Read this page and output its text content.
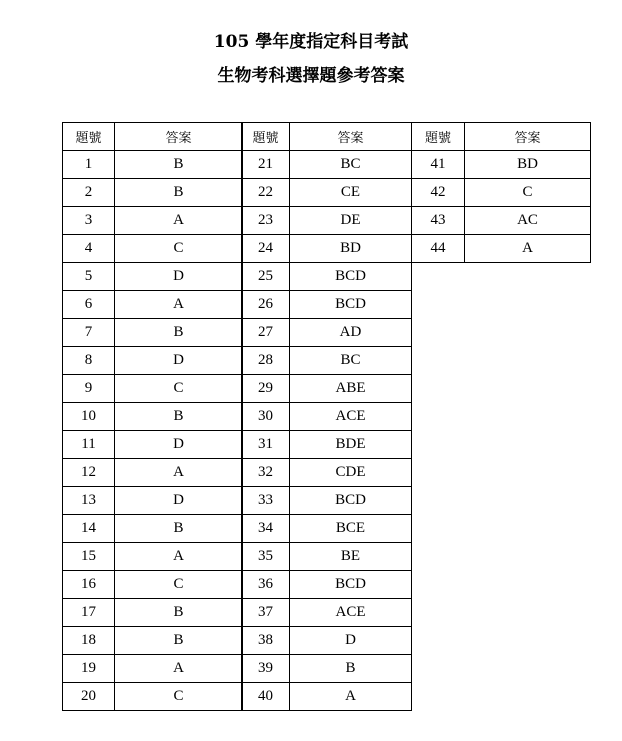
105 學年度指定科目考試
生物考科選擇題參考答案
題號	答案
1	B
2	B
3	A
4	C
5	D
6	A
7	B
8	D
9	C
10	B
11	D
12	A
13	D
14	B
15	A
16	C
17	B
18	B
19	A
20	C
題號	答案
21	BC
22	CE
23	DE
24	BD
25	BCD
26	BCD
27	AD
28	BC
29	ABE
30	ACE
31	BDE
32	CDE
33	BCD
34	BCE
35	BE
36	BCD
37	ACE
38	D
39	B
40	A
題號	答案
41	BD
42	C
43	AC
44	A
